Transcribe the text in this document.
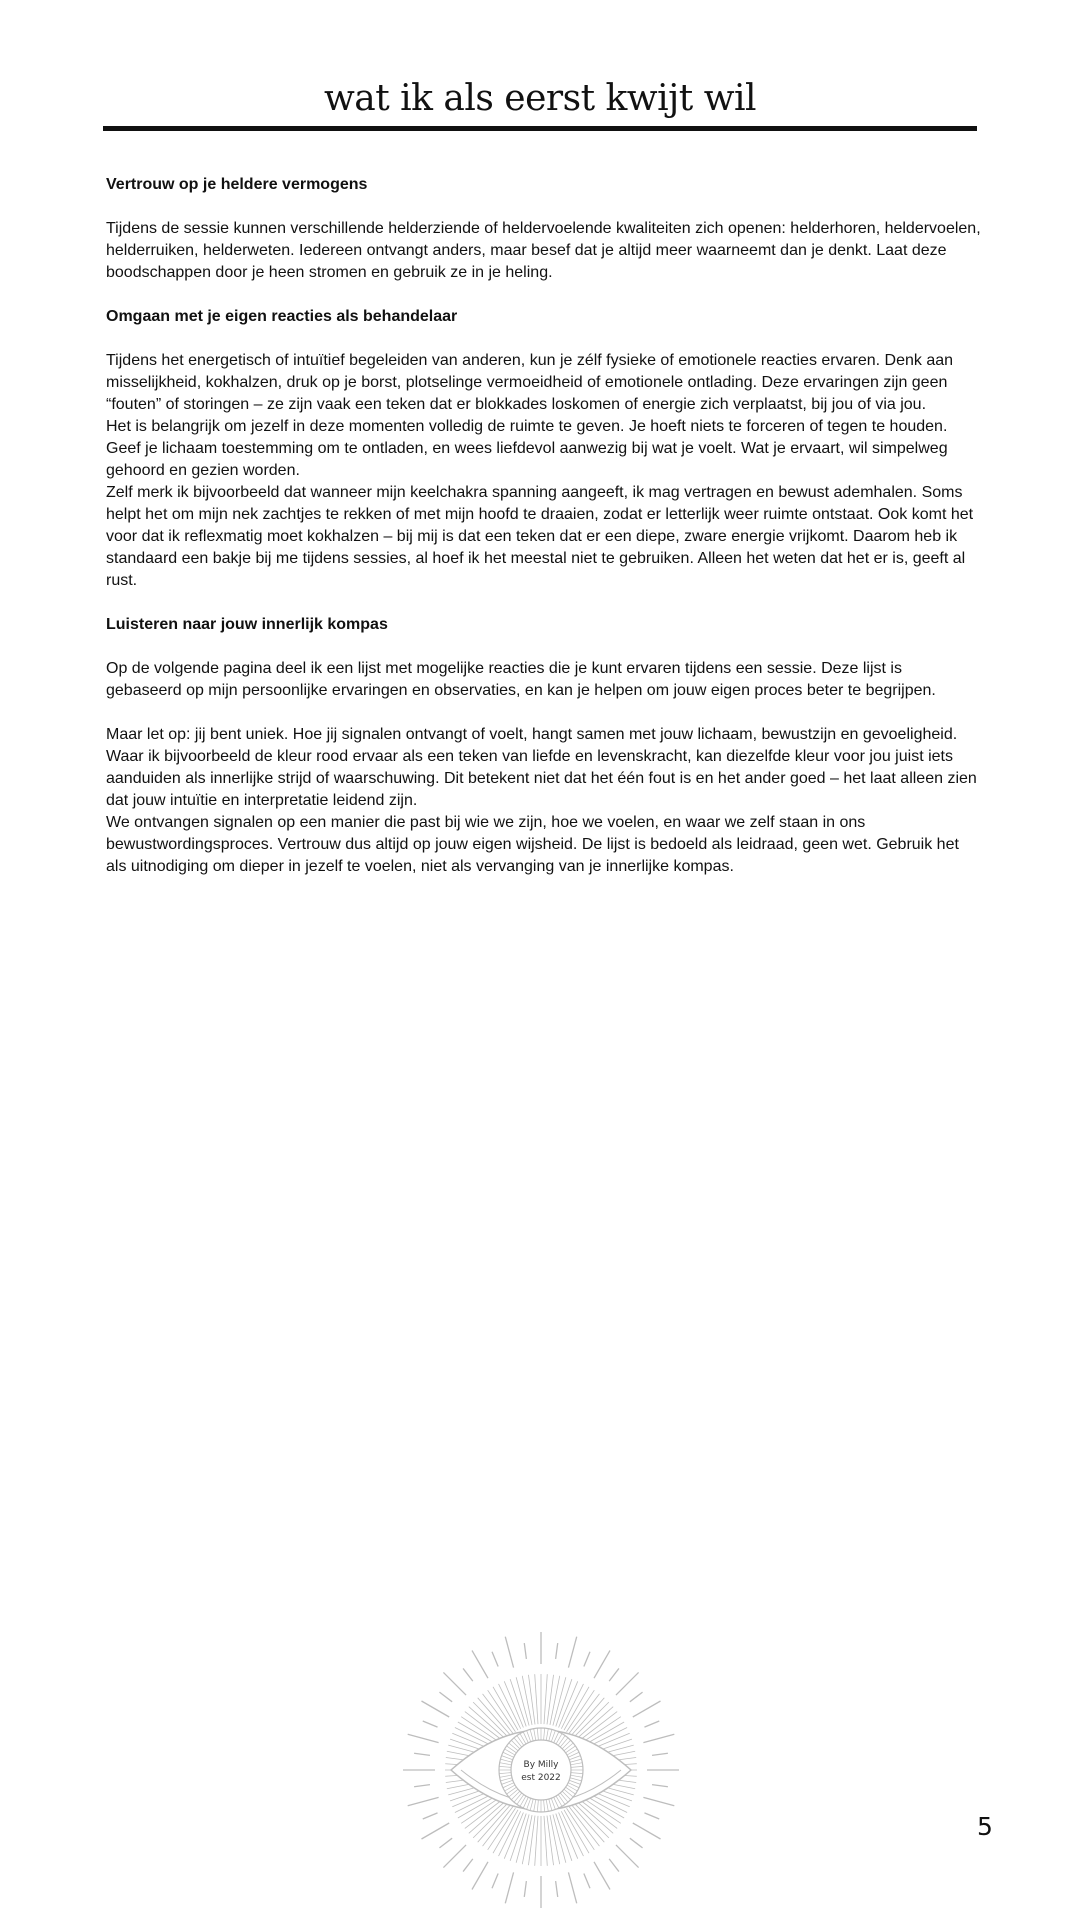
wat ik als eerst kwijt wil
Vertrouw op je heldere vermogens

Tijdens de sessie kunnen verschillende helderziende of heldervoelende kwaliteiten zich openen: helderhoren, heldervoelen, helderruiken, helderweten. Iedereen ontvangt anders, maar besef dat je altijd meer waarneemt dan je denkt. Laat deze boodschappen door je heen stromen en gebruik ze in je heling.

Omgaan met je eigen reacties als behandelaar

Tijdens het energetisch of intuïtief begeleiden van anderen, kun je zélf fysieke of emotionele reacties ervaren. Denk aan misselijkheid, kokhalzen, druk op je borst, plotselinge vermoeidheid of emotionele ontlading. Deze ervaringen zijn geen “fouten” of storingen – ze zijn vaak een teken dat er blokkades loskomen of energie zich verplaatst, bij jou of via jou.

Het is belangrijk om jezelf in deze momenten volledig de ruimte te geven. Je hoeft niets te forceren of tegen te houden. Geef je lichaam toestemming om te ontladen, en wees liefdevol aanwezig bij wat je voelt. Wat je ervaart, wil simpelweg gehoord en gezien worden.

Zelf merk ik bijvoorbeeld dat wanneer mijn keelchakra spanning aangeeft, ik mag vertragen en bewust ademhalen. Soms helpt het om mijn nek zachtjes te rekken of met mijn hoofd te draaien, zodat er letterlijk weer ruimte ontstaat. Ook komt het voor dat ik reflexmatig moet kokhalzen – bij mij is dat een teken dat er een diepe, zware energie vrijkomt. Daarom heb ik standaard een bakje bij me tijdens sessies, al hoef ik het meestal niet te gebruiken. Alleen het weten dat het er is, geeft al rust.

Luisteren naar jouw innerlijk kompas

Op de volgende pagina deel ik een lijst met mogelijke reacties die je kunt ervaren tijdens een sessie. Deze lijst is gebaseerd op mijn persoonlijke ervaringen en observaties, en kan je helpen om jouw eigen proces beter te begrijpen.

Maar let op: jij bent uniek. Hoe jij signalen ontvangt of voelt, hangt samen met jouw lichaam, bewustzijn en gevoeligheid. Waar ik bijvoorbeeld de kleur rood ervaar als een teken van liefde en levenskracht, kan diezelfde kleur voor jou juist iets aanduiden als innerlijke strijd of waarschuwing. Dit betekent niet dat het één fout is en het ander goed – het laat alleen zien dat jouw intuïtie en interpretatie leidend zijn.

We ontvangen signalen op een manier die past bij wie we zijn, hoe we voelen, en waar we zelf staan in ons bewustwordingsproces. Vertrouw dus altijd op jouw eigen wijsheid. De lijst is bedoeld als leidraad, geen wet. Gebruik het als uitnodiging om dieper in jezelf te voelen, niet als vervanging van je innerlijke kompas.

By Milly
est 2022
5
